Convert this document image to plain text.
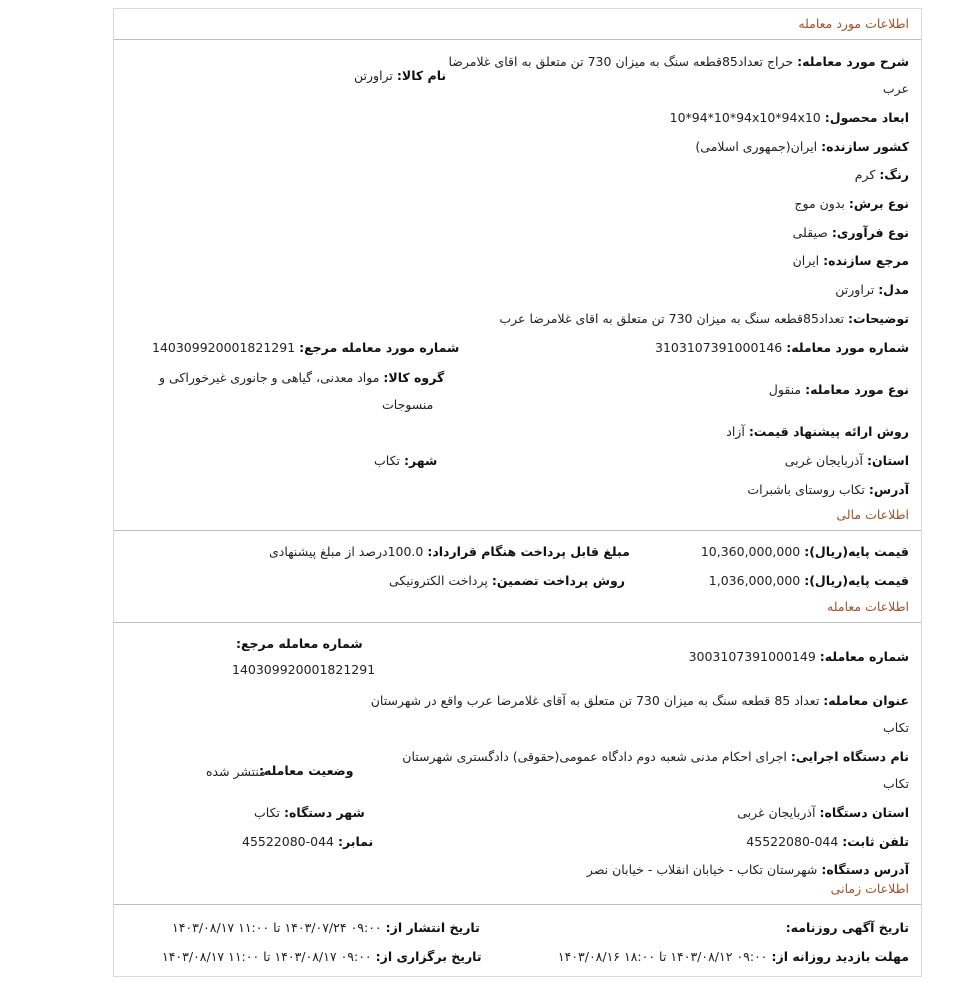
اطلاعات مورد معامله
شرح مورد معامله: حراج تعداد85قطعه سنگ به میزان 730 تن متعلق به اقای غلامرضا
عرب
نام کالا: تراورتن
ابعاد محصول: 10*94*10*94x10*94x10
کشور سازنده: ایران(جمهوری اسلامی)
رنگ: کرم
نوع برش: بدون موج
نوع فرآوری: صیقلی
مرجع سازنده: ایران
مدل: تراورتن
توضیحات: تعداد85قطعه سنگ به میزان 730 تن متعلق به اقای غلامرضا عرب
شماره مورد معامله: 3103107391000146
شماره مورد معامله مرجع: 140309920001821291
گروه کالا: مواد معدنی، گیاهی و جانوری غیرخوراکی و
منسوجات
نوع مورد معامله: منقول
روش ارائه پیشنهاد قیمت: آزاد
استان: آذربایجان غربی
شهر: تکاب
آدرس: تکاب روستای باشبرات
اطلاعات مالی
قیمت پایه(ریال): 10,360,000,000
مبلغ قابل پرداخت هنگام قرارداد: 100.0درصد از مبلغ پیشنهادی
قیمت پایه(ریال): 1,036,000,000
روش پرداخت تضمین: پرداخت الکترونیکی
اطلاعات معامله
شماره معامله: 3003107391000149
شماره معامله مرجع:
140309920001821291
عنوان معامله: تعداد 85 قطعه سنگ به میزان 730 تن متعلق به آقای غلامرضا عرب واقع در شهرستان
تکاب
نام دستگاه اجرایی: اجرای احکام مدنی شعبه دوم دادگاه عمومی(حقوقی) دادگستری شهرستان
تکاب
وضعیت معامله:
منتشر شده
استان دستگاه: آذربایجان غربی
شهر دستگاه: تکاب
تلفن ثابت: 044-45522080
نمابر: 044-45522080
آدرس دستگاه: شهرستان تکاب - خیابان انقلاب - خیابان نصر
اطلاعات زمانی
تاریخ آگهی روزنامه:
تاریخ انتشار از: ۰۹:۰۰ ۱۴۰۳/۰۷/۲۴ تا ۱۱:۰۰ ۱۴۰۳/۰۸/۱۷
مهلت بازدید روزانه از: ۰۹:۰۰ ۱۴۰۳/۰۸/۱۲ تا ۱۸:۰۰ ۱۴۰۳/۰۸/۱۶
تاریخ برگزاری از: ۰۹:۰۰ ۱۴۰۳/۰۸/۱۷ تا ۱۱:۰۰ ۱۴۰۳/۰۸/۱۷
